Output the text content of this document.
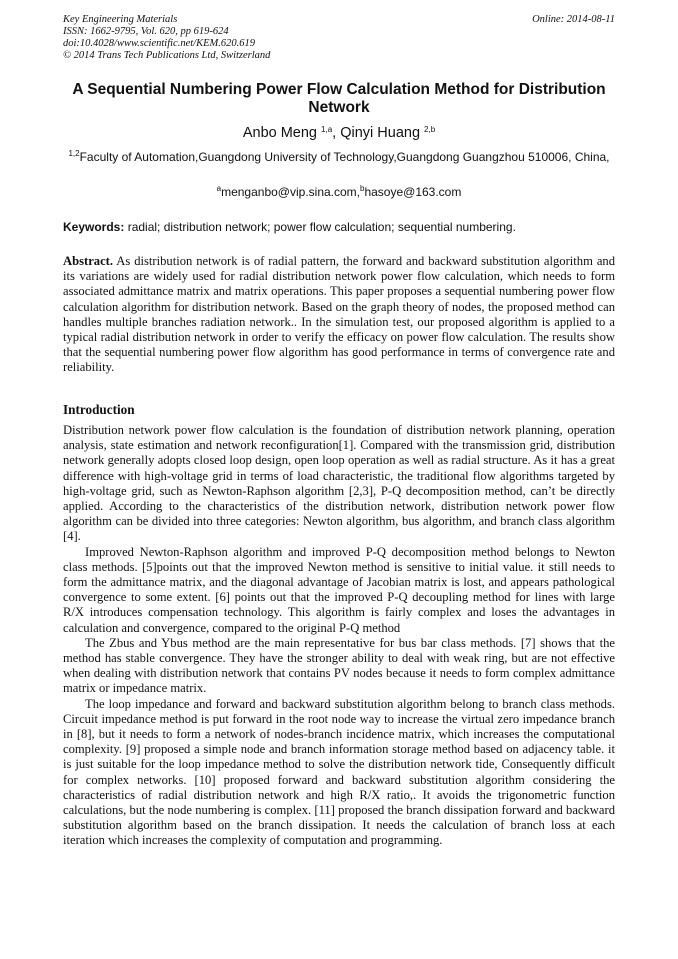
Key Engineering Materials
ISSN: 1662-9795, Vol. 620, pp 619-624
doi:10.4028/www.scientific.net/KEM.620.619
© 2014 Trans Tech Publications Ltd, Switzerland
Online: 2014-08-11
A Sequential Numbering Power Flow Calculation Method for Distribution Network
Anbo Meng $^{1,a}$, Qinyi Huang $^{2,b}$
$^{1,2}$Faculty of Automation,Guangdong University of Technology,Guangdong Guangzhou 510006, China,
$^a$menganbo@vip.sina.com,$^b$hasoye@163.com
Keywords: radial; distribution network; power flow calculation; sequential numbering.
Abstract. As distribution network is of radial pattern, the forward and backward substitution algorithm and its variations are widely used for radial distribution network power flow calculation, which needs to form associated admittance matrix and matrix operations. This paper proposes a sequential numbering power flow calculation algorithm for distribution network. Based on the graph theory of nodes, the proposed method can handles multiple branches radiation network.. In the simulation test, our proposed algorithm is applied to a typical radial distribution network in order to verify the efficacy on power flow calculation. The results show that the sequential numbering power flow algorithm has good performance in terms of convergence rate and reliability.
Introduction

Distribution network power flow calculation is the foundation of distribution network planning, operation analysis, state estimation and network reconfiguration[1]. Compared with the transmission grid, distribution network generally adopts closed loop design, open loop operation as well as radial structure. As it has a great difference with high-voltage grid in terms of load characteristic, the traditional flow algorithms targeted by high-voltage grid, such as Newton-Raphson algorithm [2,3], P-Q decomposition method, can’t be directly applied. According to the characteristics of the distribution network, distribution network power flow algorithm can be divided into three categories: Newton algorithm, bus algorithm, and branch class algorithm [4].

Improved Newton-Raphson algorithm and improved P-Q decomposition method belongs to Newton class methods. [5]points out that the improved Newton method is sensitive to initial value. it still needs to form the admittance matrix, and the diagonal advantage of Jacobian matrix is lost, and appears pathological convergence to some extent. [6] points out that the improved P-Q decoupling method for lines with large R/X introduces compensation technology. This algorithm is fairly complex and loses the advantages in calculation and convergence, compared to the original P-Q method

The Zbus and Ybus method are the main representative for bus bar class methods. [7] shows that the method has stable convergence. They have the stronger ability to deal with weak ring, but are not effective when dealing with distribution network that contains PV nodes because it needs to form complex admittance matrix or impedance matrix.

The loop impedance and forward and backward substitution algorithm belong to branch class methods. Circuit impedance method is put forward in the root node way to increase the virtual zero impedance branch in [8], but it needs to form a network of nodes-branch incidence matrix, which increases the computational complexity. [9] proposed a simple node and branch information storage method based on adjacency table. it is just suitable for the loop impedance method to solve the distribution network tide, Consequently difficult for complex networks. [10] proposed forward and backward substitution algorithm considering the characteristics of radial distribution network and high R/X ratio,. It avoids the trigonometric function calculations, but the node numbering is complex. [11] proposed the branch dissipation forward and backward substitution algorithm based on the branch dissipation. It needs the calculation of branch loss at each iteration which increases the complexity of computation and programming.
